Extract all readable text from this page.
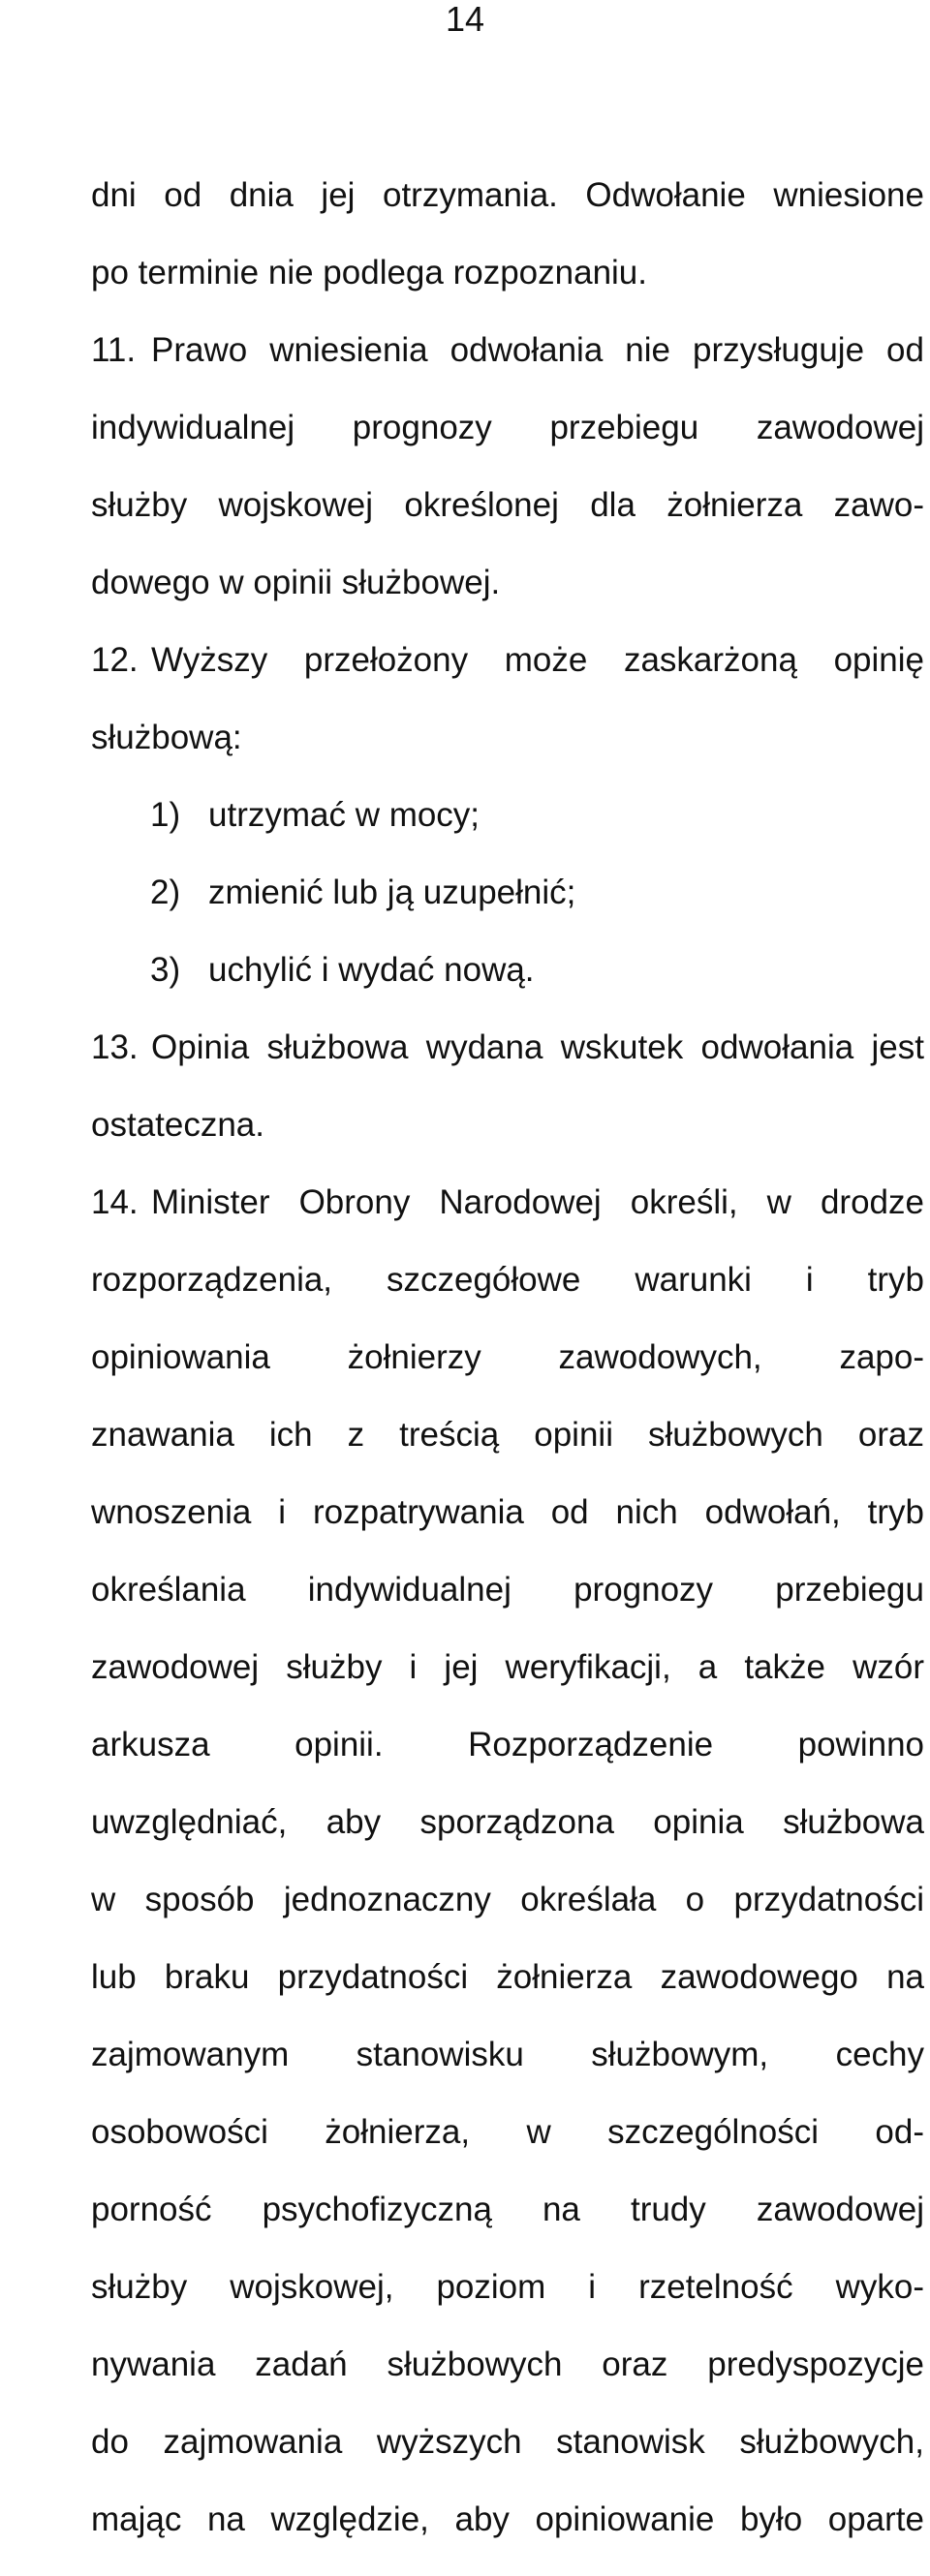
14
dni od dnia jej otrzymania. Odwołanie wniesione
po terminie nie podlega rozpoznaniu.
11. Prawo wniesienia odwołania nie przysługuje od
indywidualnej prognozy przebiegu zawodowej
służby wojskowej określonej dla żołnierza zawo-
dowego w opinii służbowej.
12. Wyższy przełożony może zaskarżoną opinię
służbową:
1) utrzymać w mocy;
2) zmienić lub ją uzupełnić;
3) uchylić i wydać nową.
13. Opinia służbowa wydana wskutek odwołania jest
ostateczna.
14. Minister Obrony Narodowej określi, w drodze
rozporządzenia, szczegółowe warunki i tryb
opiniowania żołnierzy zawodowych, zapo-
znawania ich z treścią opinii służbowych oraz
wnoszenia i rozpatrywania od nich odwołań, tryb
określania indywidualnej prognozy przebiegu
zawodowej służby i jej weryfikacji, a także wzór
arkusza opinii. Rozporządzenie powinno
uwzględniać, aby sporządzona opinia służbowa
w sposób jednoznaczny określała o przydatności
lub braku przydatności żołnierza zawodowego na
zajmowanym stanowisku służbowym, cechy
osobowości żołnierza, w szczególności od-
porność psychofizyczną na trudy zawodowej
służby wojskowej, poziom i rzetelność wyko-
nywania zadań służbowych oraz predyspozycje
do zajmowania wyższych stanowisk służbowych,
mając na względzie, aby opiniowanie było oparte
